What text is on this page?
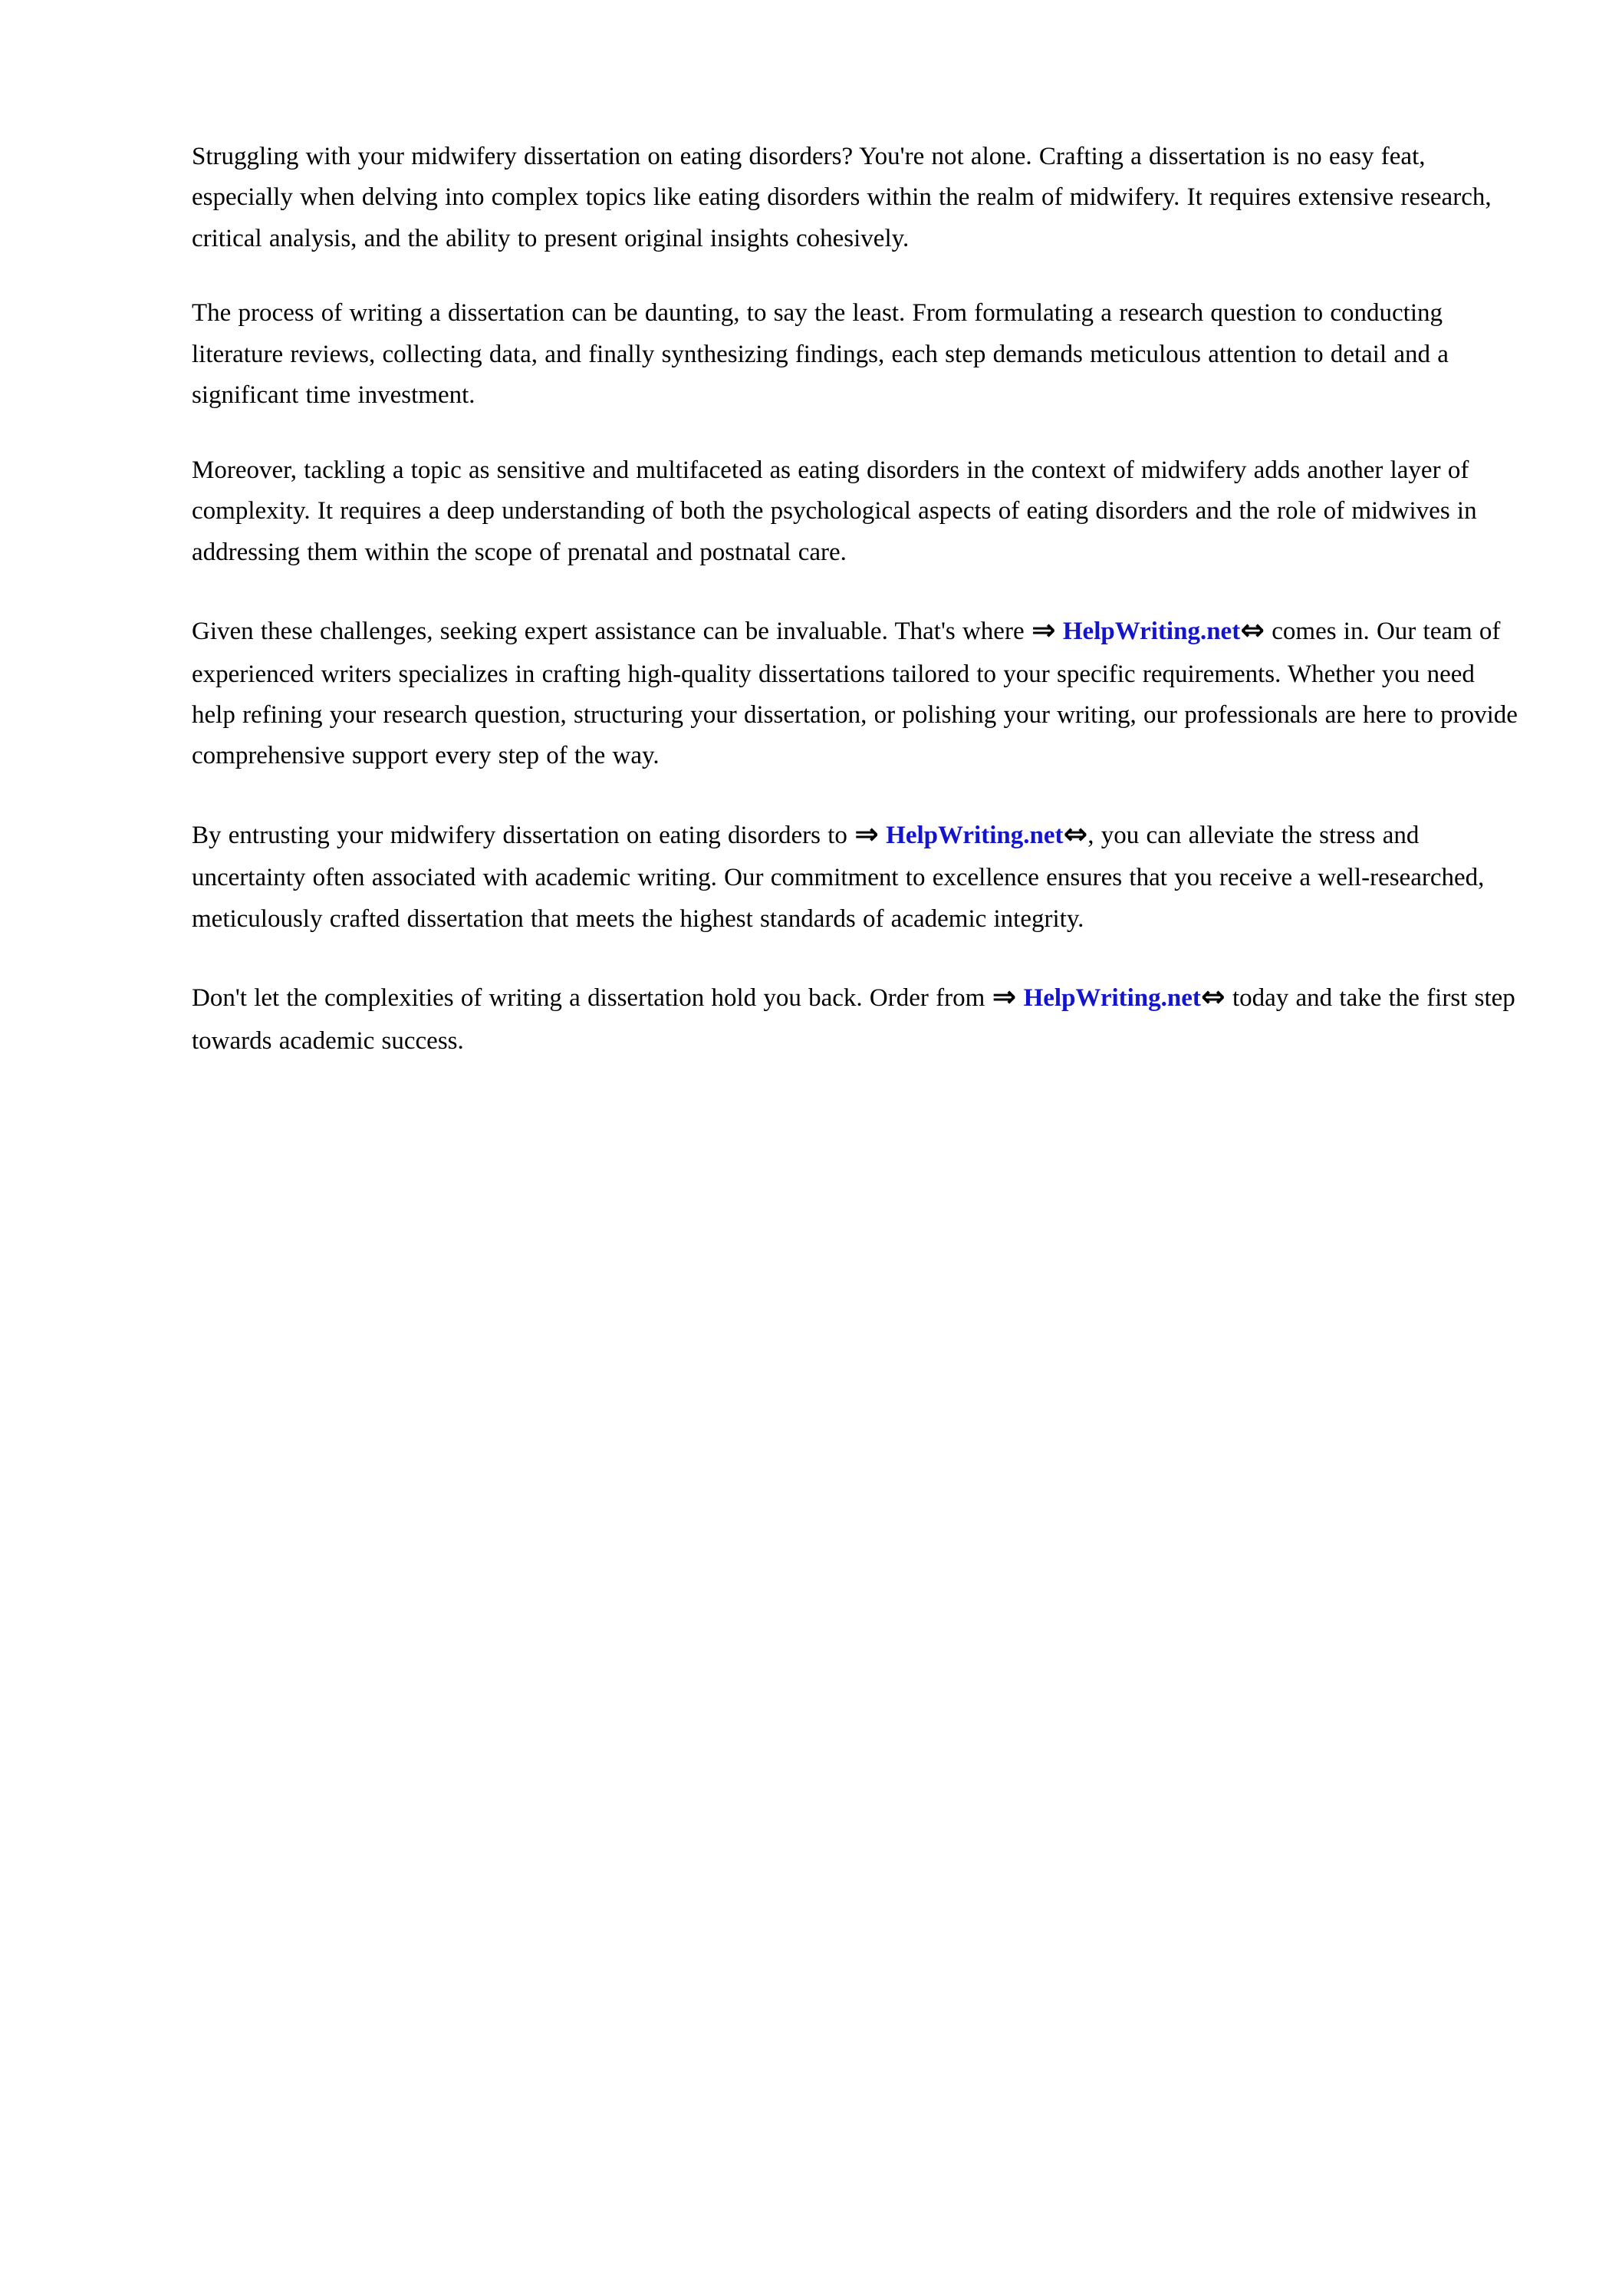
Struggling with your midwifery dissertation on eating disorders? You're not alone. Crafting a dissertation is no easy feat, especially when delving into complex topics like eating disorders within the realm of midwifery. It requires extensive research, critical analysis, and the ability to present original insights cohesively.

The process of writing a dissertation can be daunting, to say the least. From formulating a research question to conducting literature reviews, collecting data, and finally synthesizing findings, each step demands meticulous attention to detail and a significant time investment.

Moreover, tackling a topic as sensitive and multifaceted as eating disorders in the context of midwifery adds another layer of complexity. It requires a deep understanding of both the psychological aspects of eating disorders and the role of midwives in addressing them within the scope of prenatal and postnatal care.

Given these challenges, seeking expert assistance can be invaluable. That's where ⇒ HelpWriting.net⇔ comes in. Our team of experienced writers specializes in crafting high-quality dissertations tailored to your specific requirements. Whether you need help refining your research question, structuring your dissertation, or polishing your writing, our professionals are here to provide comprehensive support every step of the way.

By entrusting your midwifery dissertation on eating disorders to ⇒ HelpWriting.net⇔, you can alleviate the stress and uncertainty often associated with academic writing. Our commitment to excellence ensures that you receive a well-researched, meticulously crafted dissertation that meets the highest standards of academic integrity.

Don't let the complexities of writing a dissertation hold you back. Order from ⇒ HelpWriting.net⇔ today and take the first step towards academic success.
